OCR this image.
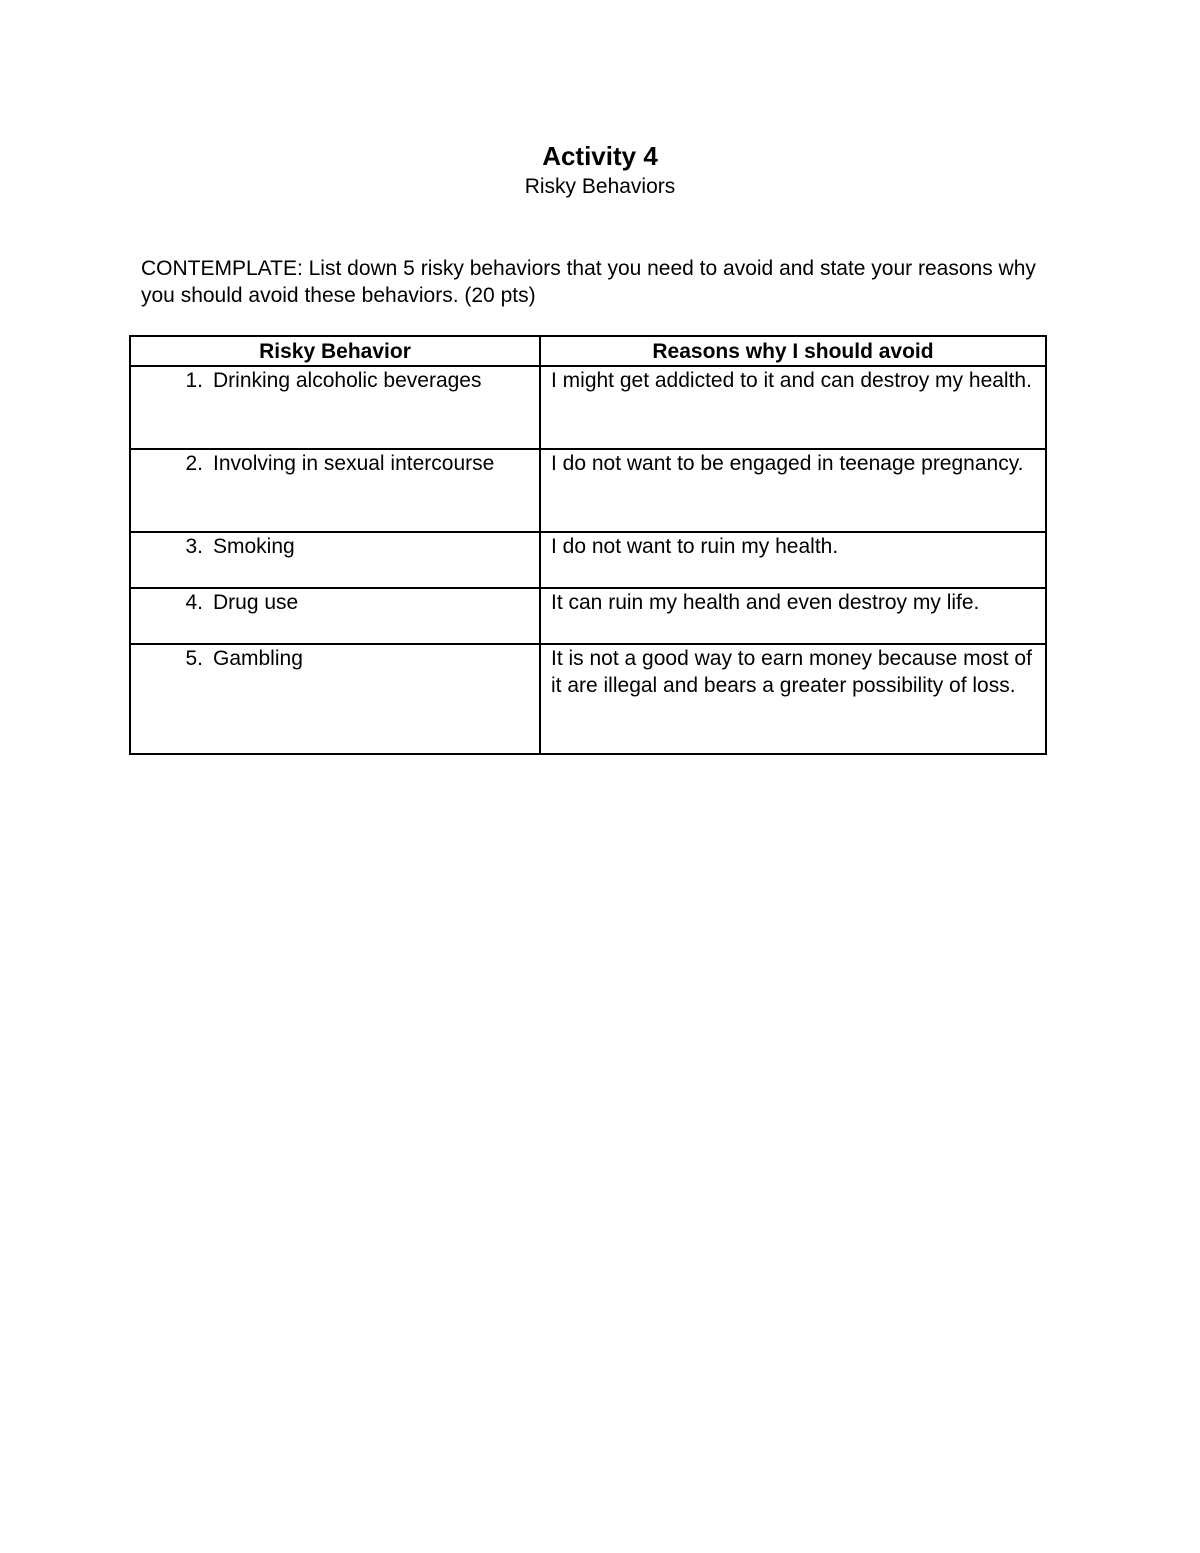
Activity 4
Risky Behaviors
CONTEMPLATE: List down 5 risky behaviors that you need to avoid and state your reasons why you should avoid these behaviors. (20 pts)
Risky Behavior	Reasons why I should avoid

1. Drinking alcoholic beverages	I might get addicted to it and can destroy my health.

2. Involving in sexual intercourse	I do not want to be engaged in teenage pregnancy.

3. Smoking	I do not want to ruin my health.

4. Drug use	It can ruin my health and even destroy my life.

5. Gambling	It is not a good way to earn money because most of it are illegal and bears a greater possibility of loss.
